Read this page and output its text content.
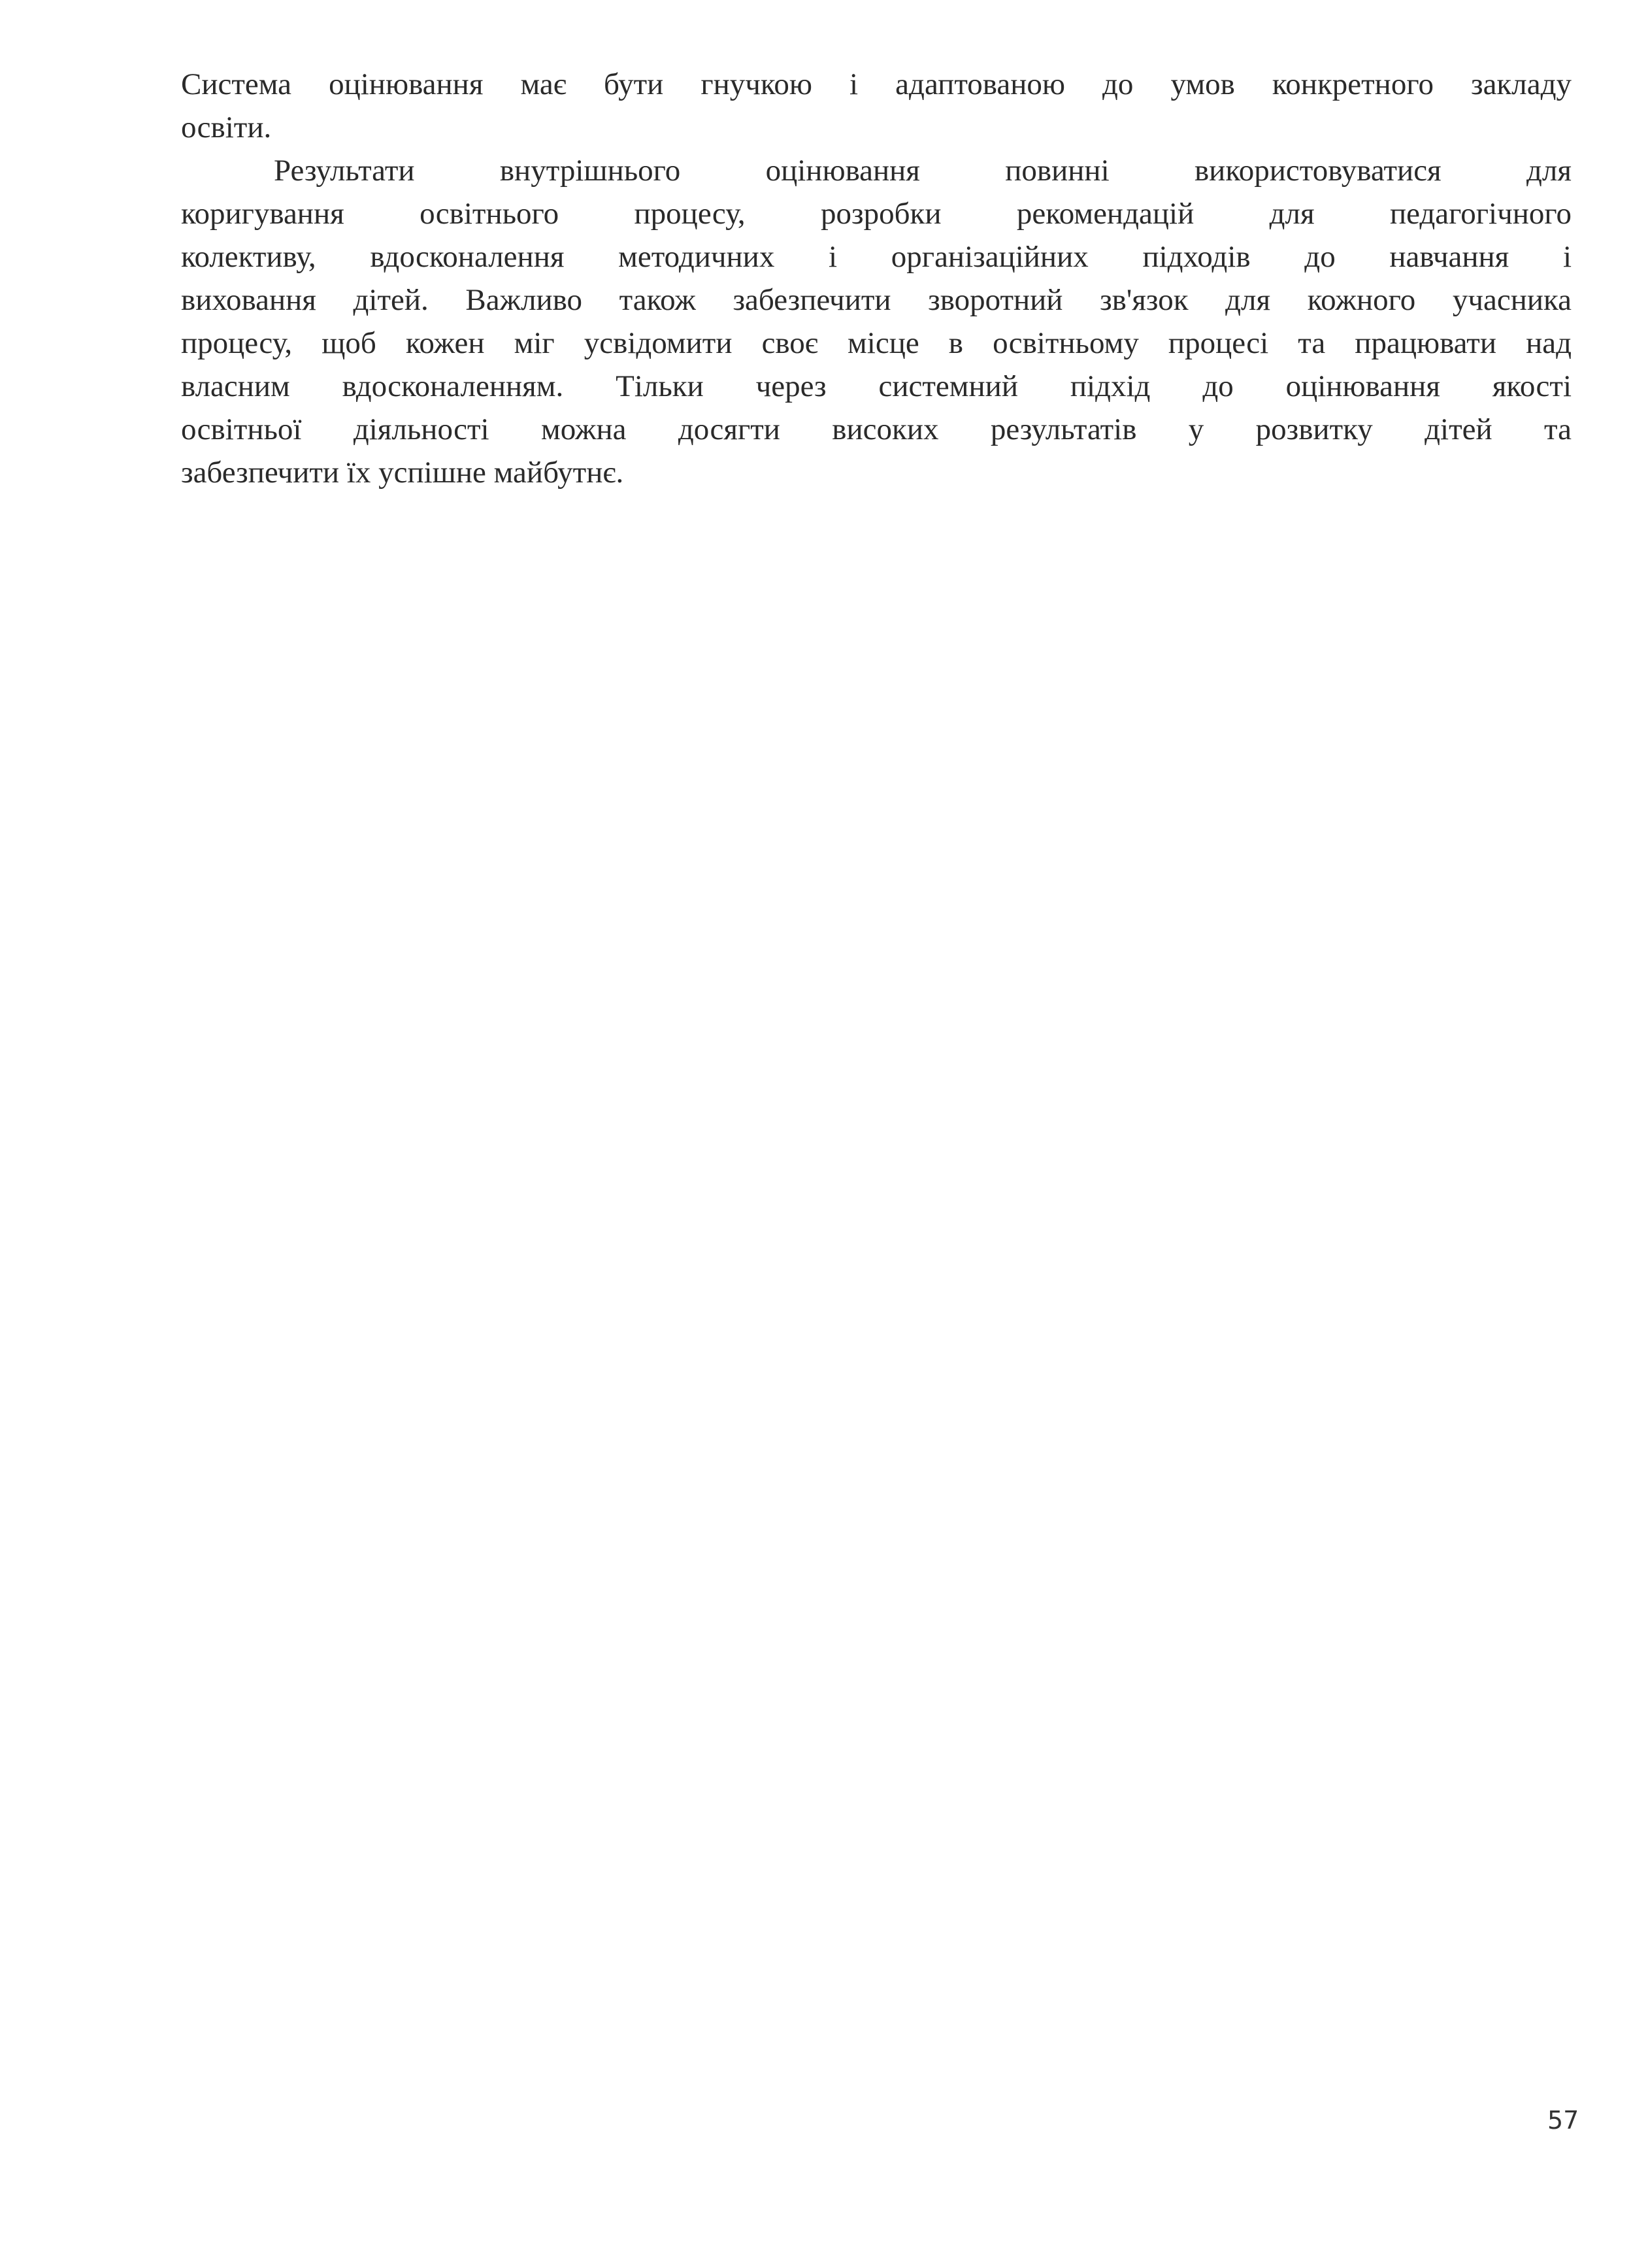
Система оцінювання має бути гнучкою і адаптованою до умов конкретного закладу
освіти.
Результати внутрішнього оцінювання повинні використовуватися для
коригування освітнього процесу, розробки рекомендацій для педагогічного
колективу, вдосконалення методичних і організаційних підходів до навчання і
виховання дітей. Важливо також забезпечити зворотний зв'язок для кожного учасника
процесу, щоб кожен міг усвідомити своє місце в освітньому процесі та працювати над
власним вдосконаленням. Тільки через системний підхід до оцінювання якості
освітньої діяльності можна досягти високих результатів у розвитку дітей та
забезпечити їх успішне майбутнє.
57
